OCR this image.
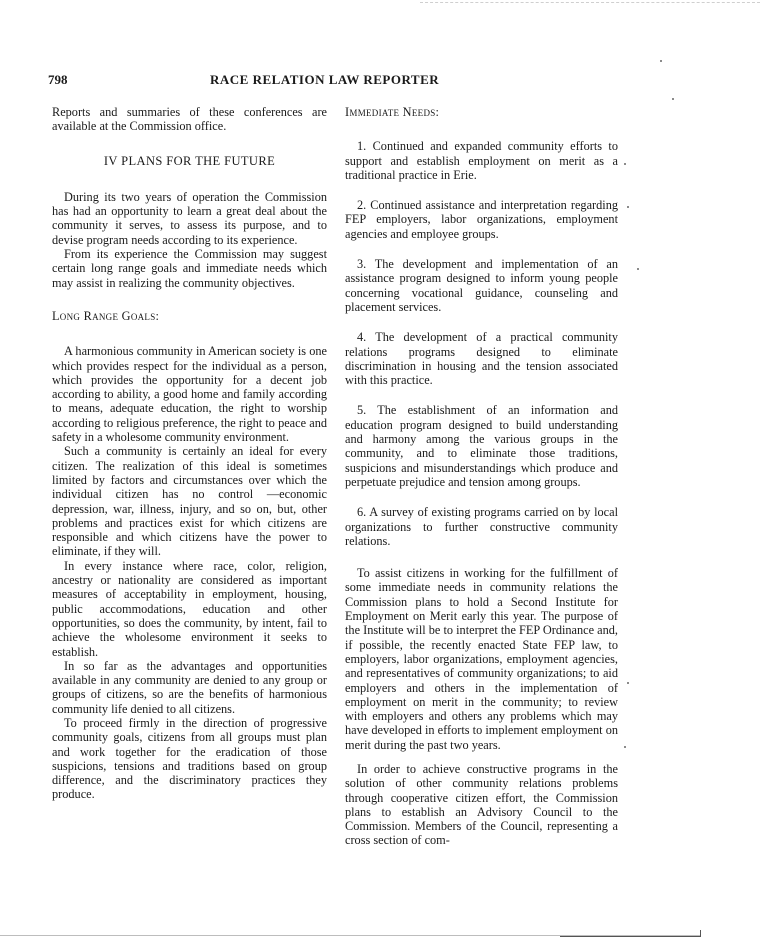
798	RACE RELATION LAW REPORTER

Reports and summaries of these conferences are available at the Commission office.

IV PLANS FOR THE FUTURE

During its two years of operation the Commission has had an opportunity to learn a great deal about the community it serves, to assess its purpose, and to devise program needs according to its experience.

From its experience the Commission may suggest certain long range goals and immediate needs which may assist in realizing the community objectives.

Long Range Goals:

A harmonious community in American society is one which provides respect for the individual as a person, which provides the opportunity for a decent job according to ability, a good home and family according to means, adequate education, the right to worship according to religious preference, the right to peace and safety in a wholesome community environment.

Such a community is certainly an ideal for every citizen. The realization of this ideal is sometimes limited by factors and circumstances over which the individual citizen has no control —economic depression, war, illness, injury, and so on, but, other problems and practices exist for which citizens are responsible and which citizens have the power to eliminate, if they will.

In every instance where race, color, religion, ancestry or nationality are considered as important measures of acceptability in employment, housing, public accommodations, education and other opportunities, so does the community, by intent, fail to achieve the wholesome environment it seeks to establish.

In so far as the advantages and opportunities available in any community are denied to any group or groups of citizens, so are the benefits of harmonious community life denied to all citizens.

To proceed firmly in the direction of progressive community goals, citizens from all groups must plan and work together for the eradication of those suspicions, tensions and traditions based on group difference, and the discriminatory practices they produce.

Immediate Needs:

1. Continued and expanded community efforts to support and establish employment on merit as a traditional practice in Erie.

2. Continued assistance and interpretation regarding FEP employers, labor organizations, employment agencies and employee groups.

3. The development and implementation of an assistance program designed to inform young people concerning vocational guidance, counseling and placement services.

4. The development of a practical community relations programs designed to eliminate discrimination in housing and the tension associated with this practice.

5. The establishment of an information and education program designed to build understanding and harmony among the various groups in the community, and to eliminate those traditions, suspicions and misunderstandings which produce and perpetuate prejudice and tension among groups.

6. A survey of existing programs carried on by local organizations to further constructive community relations.

To assist citizens in working for the fulfillment of some immediate needs in community relations the Commission plans to hold a Second Institute for Employment on Merit early this year. The purpose of the Institute will be to interpret the FEP Ordinance and, if possible, the recently enacted State FEP law, to employers, labor organizations, employment agencies, and representatives of community organizations; to aid employers and others in the implementation of employment on merit in the community; to review with employers and others any problems which may have developed in efforts to implement employment on merit during the past two years.

In order to achieve constructive programs in the solution of other community relations problems through cooperative citizen effort, the Commission plans to establish an Advisory Council to the Commission. Members of the Council, representing a cross section of com-
